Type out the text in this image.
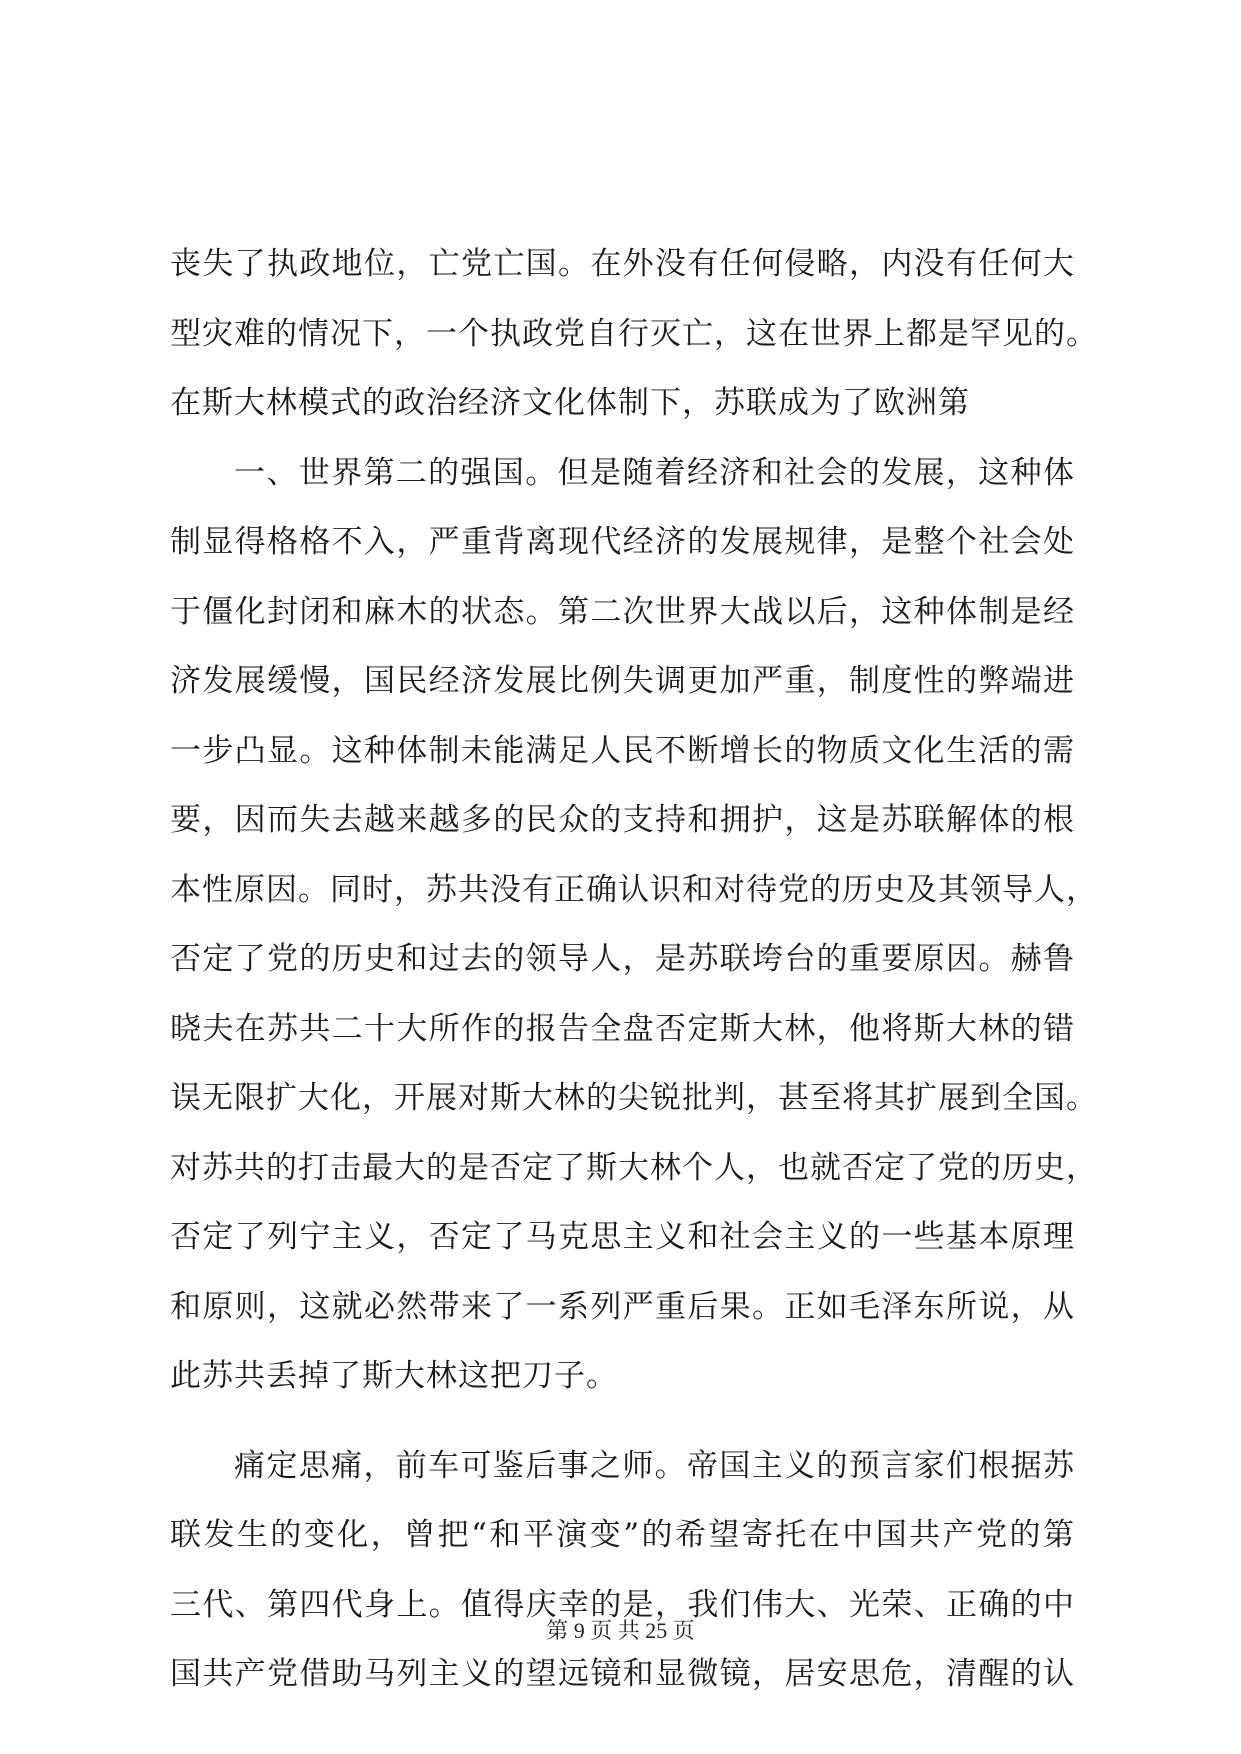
丧失了执政地位，亡党亡国。在外没有任何侵略，内没有任何大
型灾难的情况下，一个执政党自行灭亡，这在世界上都是罕见的。
在斯大林模式的政治经济文化体制下，苏联成为了欧洲第
一、世界第二的强国。但是随着经济和社会的发展，这种体
制显得格格不入，严重背离现代经济的发展规律，是整个社会处
于僵化封闭和麻木的状态。第二次世界大战以后，这种体制是经
济发展缓慢，国民经济发展比例失调更加严重，制度性的弊端进
一步凸显。这种体制未能满足人民不断增长的物质文化生活的需
要，因而失去越来越多的民众的支持和拥护，这是苏联解体的根
本性原因。同时，苏共没有正确认识和对待党的历史及其领导人，
否定了党的历史和过去的领导人，是苏联垮台的重要原因。赫鲁
晓夫在苏共二十大所作的报告全盘否定斯大林，他将斯大林的错
误无限扩大化，开展对斯大林的尖锐批判，甚至将其扩展到全国。
对苏共的打击最大的是否定了斯大林个人，也就否定了党的历史，
否定了列宁主义，否定了马克思主义和社会主义的一些基本原理
和原则，这就必然带来了一系列严重后果。正如毛泽东所说，从
此苏共丢掉了斯大林这把刀子。
痛定思痛，前车可鉴后事之师。帝国主义的预言家们根据苏
联发生的变化，曾把“和平演变”的希望寄托在中国共产党的第
三代、第四代身上。值得庆幸的是，我们伟大、光荣、正确的中
国共产党借助马列主义的望远镜和显微镜，居安思危，清醒的认
第 9 页 共 25 页
